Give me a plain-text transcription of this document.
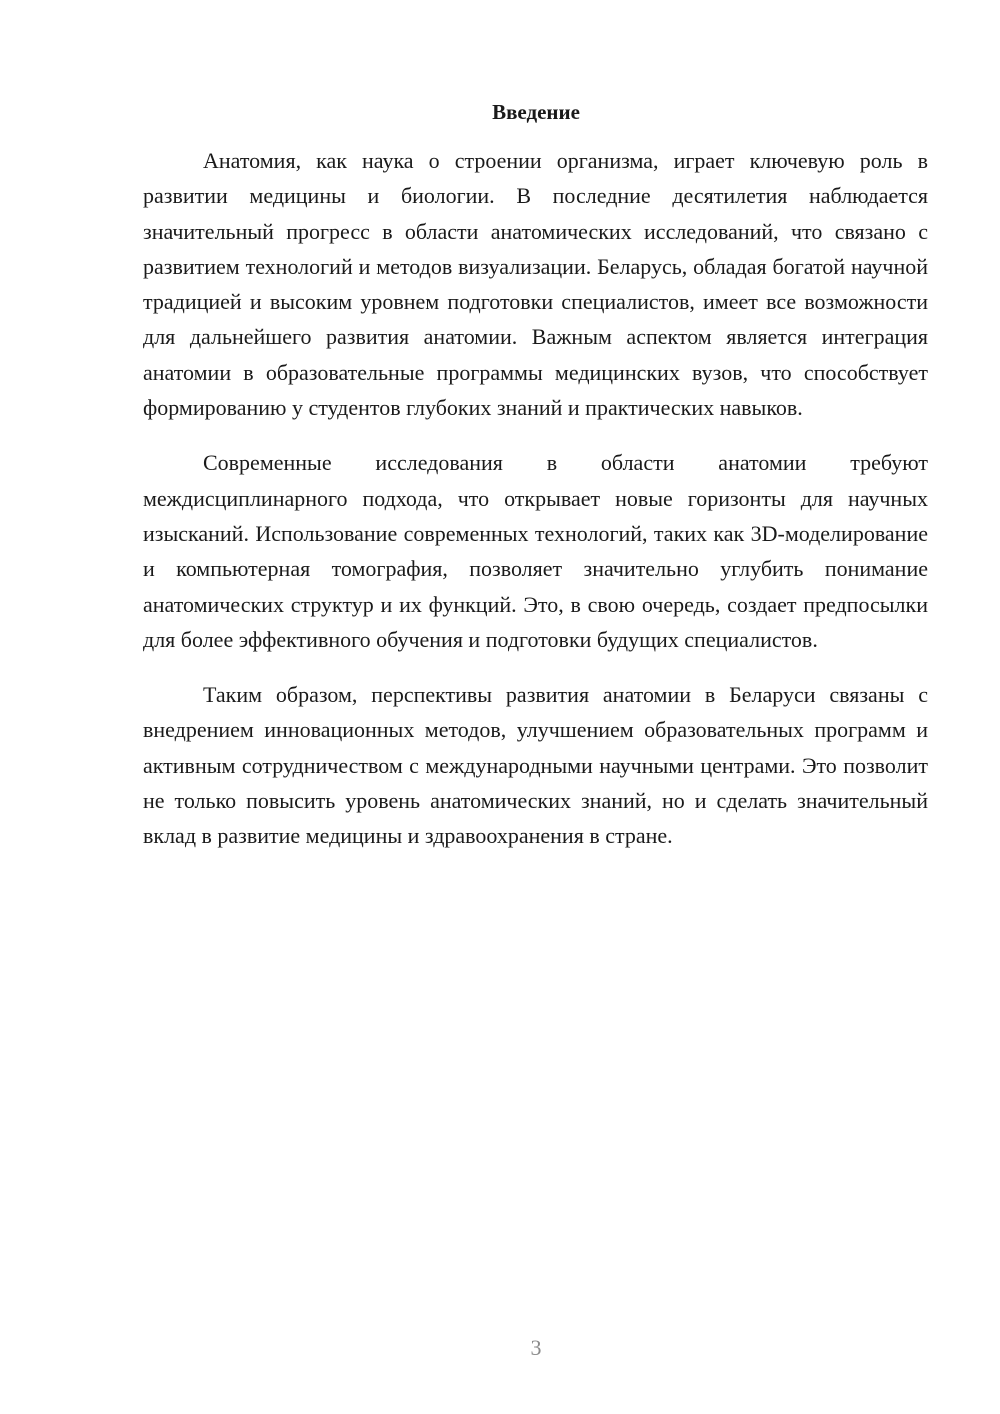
Введение

Анатомия, как наука о строении организма, играет ключевую роль в развитии медицины и биологии. В последние десятилетия наблюдается значительный прогресс в области анатомических исследований, что связано с развитием технологий и методов визуализации. Беларусь, обладая богатой научной традицией и высоким уровнем подготовки специалистов, имеет все возможности для дальнейшего развития анатомии. Важным аспектом является интеграция анатомии в образовательные программы медицинских вузов, что способствует формированию у студентов глубоких знаний и практических навыков.

Современные исследования в области анатомии требуют междисциплинарного подхода, что открывает новые горизонты для научных изысканий. Использование современных технологий, таких как 3D-моделирование и компьютерная томография, позволяет значительно углубить понимание анатомических структур и их функций. Это, в свою очередь, создает предпосылки для более эффективного обучения и подготовки будущих специалистов.

Таким образом, перспективы развития анатомии в Беларуси связаны с внедрением инновационных методов, улучшением образовательных программ и активным сотрудничеством с международными научными центрами. Это позволит не только повысить уровень анатомических знаний, но и сделать значительный вклад в развитие медицины и здравоохранения в стране.

3
